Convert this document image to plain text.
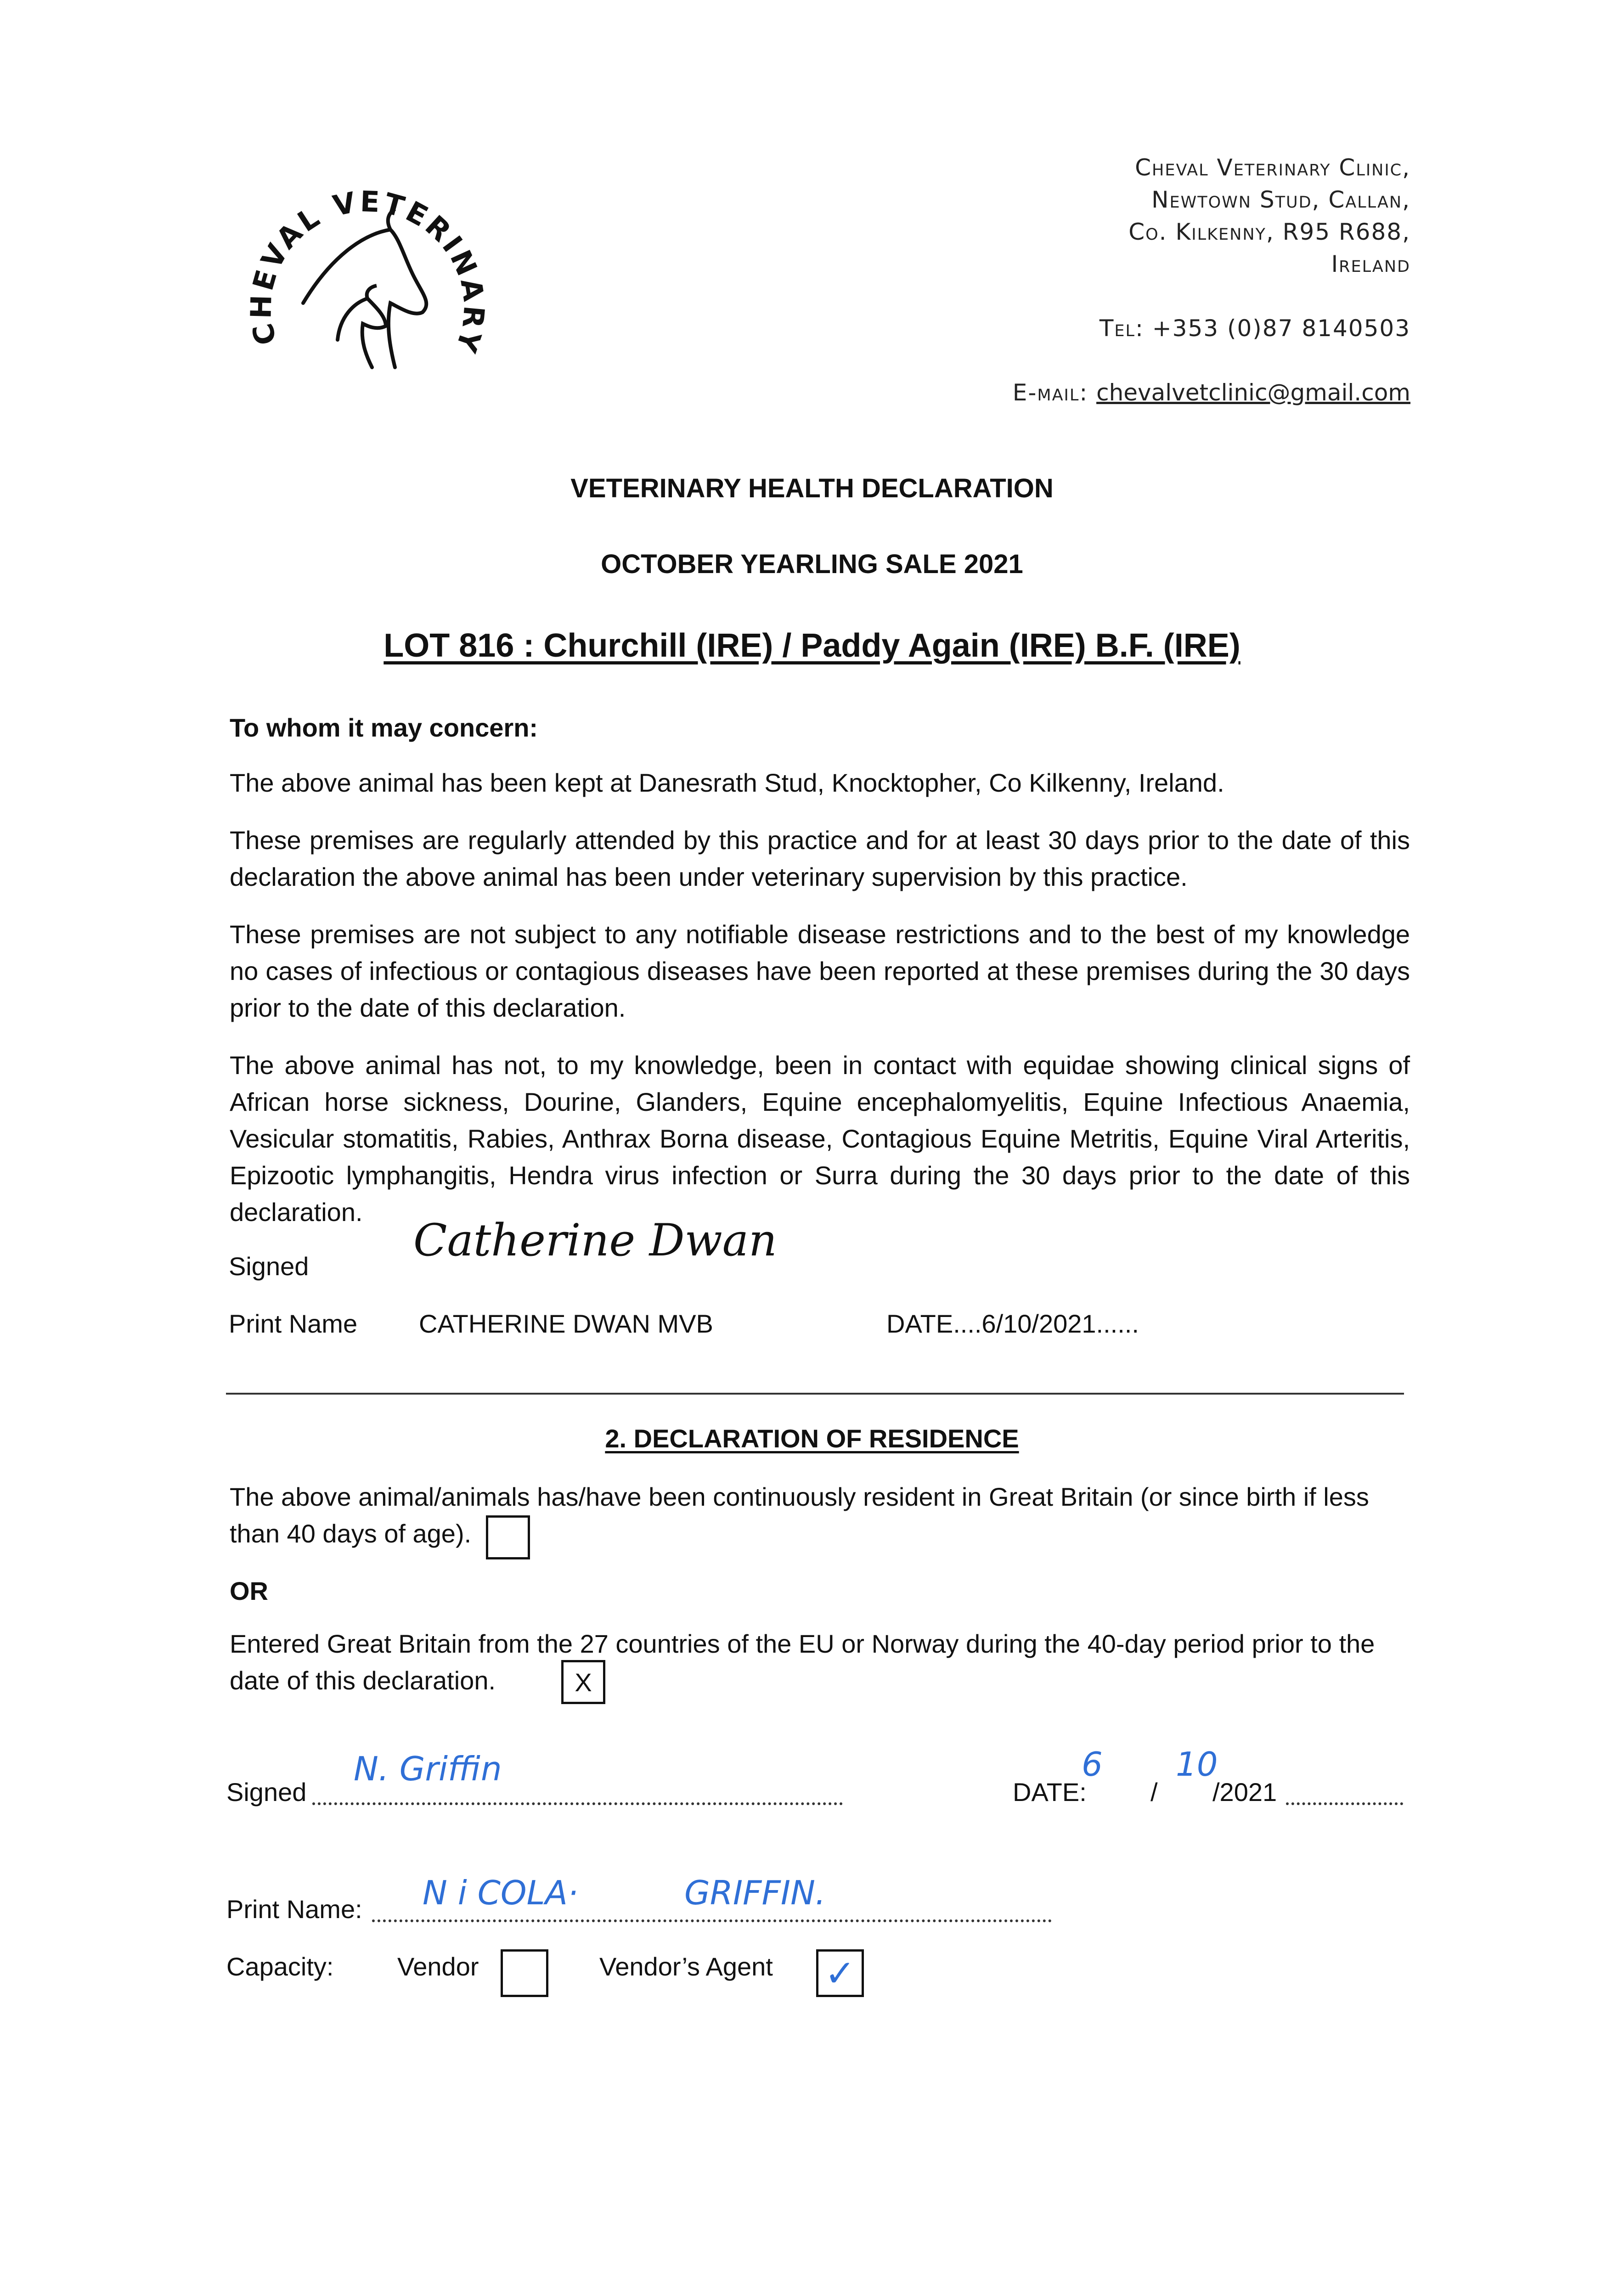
CHEVAL VETERINARY
Cheval Veterinary Clinic,
Newtown Stud, Callan,
Co. Kilkenny, R95 R688,
Ireland
Tel: +353 (0)87 8140503
E-mail: chevalvetclinic@gmail.com
VETERINARY HEALTH DECLARATION
OCTOBER YEARLING SALE 2021
LOT 816 : Churchill (IRE) / Paddy Again (IRE) B.F. (IRE)
To whom it may concern:
The above animal has been kept at Danesrath Stud, Knocktopher, Co Kilkenny, Ireland.
These premises are regularly attended by this practice and for at least 30 days prior to the date of this declaration the above animal has been under veterinary supervision by this practice.
These premises are not subject to any notifiable disease restrictions and to the best of my knowledge no cases of infectious or contagious diseases have been reported at these premises during the 30 days prior to the date of this declaration.
The above animal has not, to my knowledge, been in contact with equidae showing clinical signs of African horse sickness, Dourine, Glanders, Equine encephalomyelitis, Equine Infectious Anaemia, Vesicular stomatitis, Rabies, Anthrax Borna disease, Contagious Equine Metritis, Equine Viral Arteritis, Epizootic lymphangitis, Hendra virus infection or Surra during the 30 days prior to the date of this declaration.
Signed
Catherine Dwan
Print Name CATHERINE DWAN MVB	DATE....6/10/2021......
2. DECLARATION OF RESIDENCE
The above animal/animals has/have been continuously resident in Great Britain (or since birth if less than 40 days of age).
OR
Entered Great Britain from the 27 countries of the EU or Norway during the 40-day period prior to the date of this declaration.	X
Signed
N. Griffin
DATE:
6
/
10
/2021
Print Name: N i COLA·	GRIFFIN.
Capacity: Vendor	Vendor’s Agent ✓
